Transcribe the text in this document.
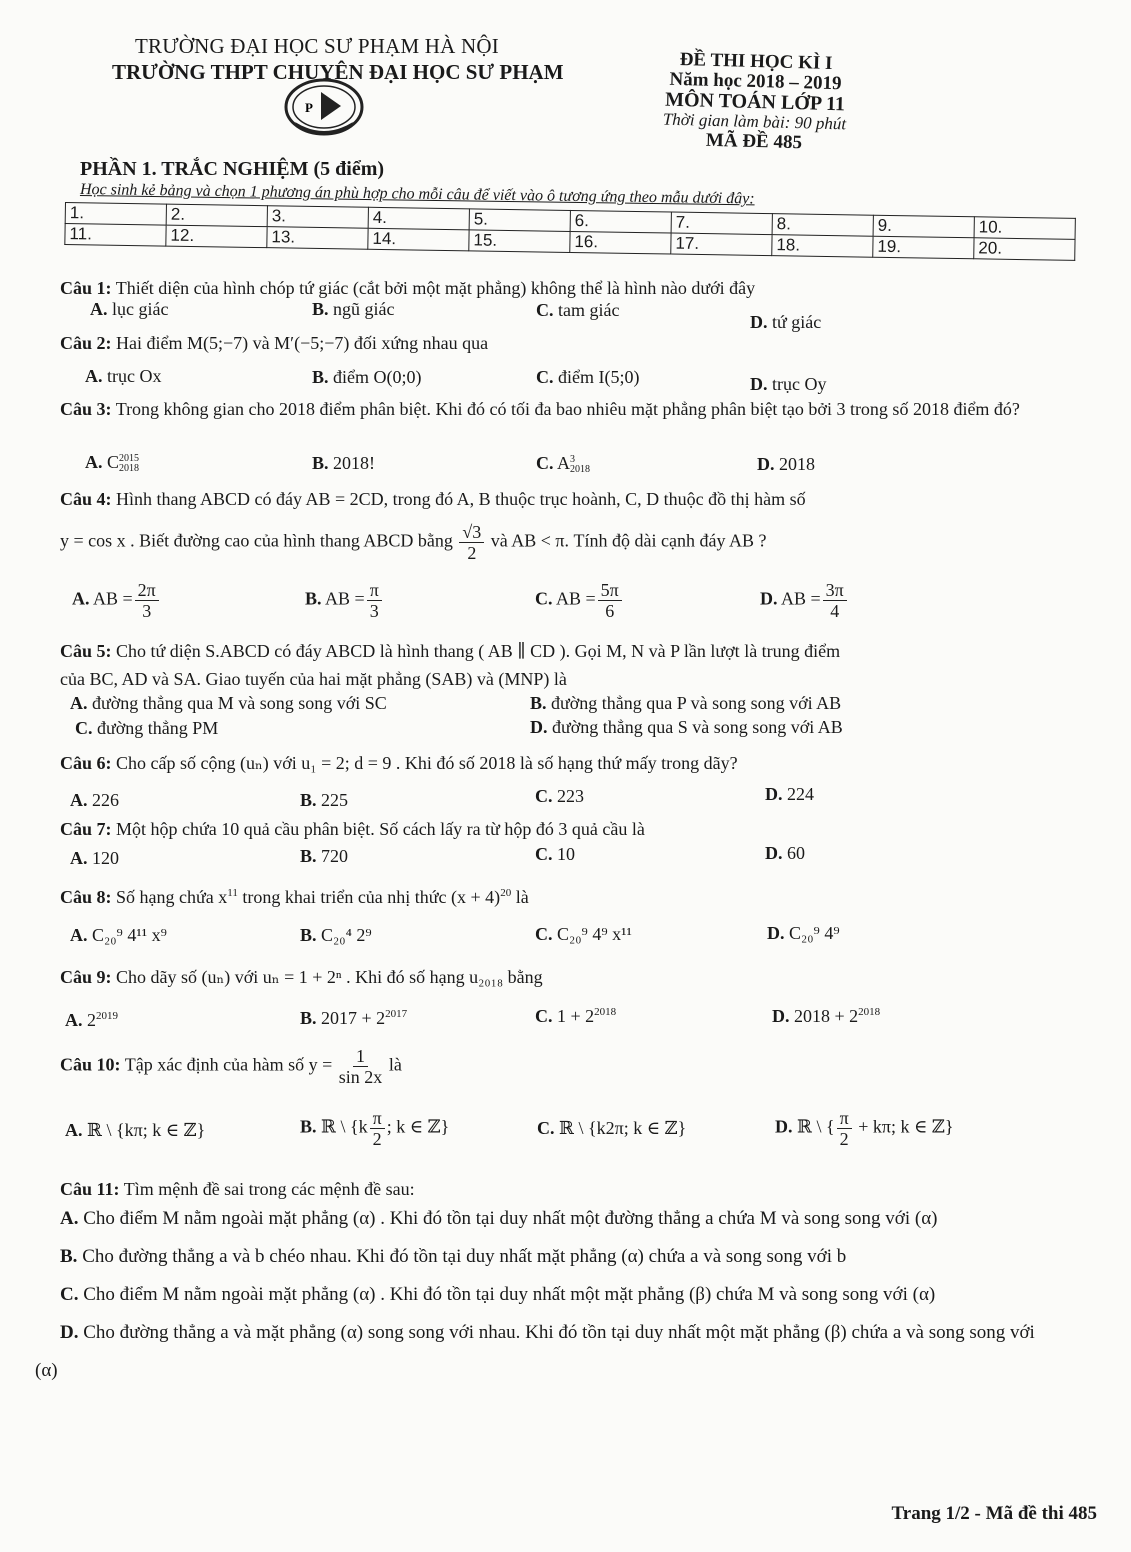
TRƯỜNG ĐẠI HỌC SƯ PHẠM HÀ NỘI
TRƯỜNG THPT CHUYÊN ĐẠI HỌC SƯ PHẠM
P
ĐỀ THI HỌC KÌ I
Năm học 2018 – 2019
MÔN TOÁN LỚP 11
Thời gian làm bài: 90 phút
MÃ ĐỀ 485
PHẦN 1. TRẮC NGHIỆM (5 điểm)
Học sinh kẻ bảng và chọn 1 phương án phù hợp cho mỗi câu để viết vào ô tương ứng theo mẫu dưới đây:
1.	2.	3.	4.	5.	6.	7.	8.	9.	10.
11.	12.	13.	14.	15.	16.	17.	18.	19.	20.
Câu 1: Thiết diện của hình chóp tứ giác (cắt bởi một mặt phẳng) không thể là hình nào dưới đây
A. lục giác	B. ngũ giác	C. tam giác
D. tứ giác
Câu 2: Hai điểm M(5;−7) và M′(−5;−7) đối xứng nhau qua
A. trục Ox	B. điểm O(0;0)	C. điểm I(5;0)	D. trục Oy
Câu 3: Trong không gian cho 2018 điểm phân biệt. Khi đó có tối đa bao nhiêu mặt phẳng phân biệt tạo bởi 3 trong số 2018 điểm đó?
A. C 2015
2018	B. 2018!	C. A 3
2018	D. 2018
Câu 4: Hình thang ABCD có đáy AB = 2CD, trong đó A, B thuộc trục hoành, C, D thuộc đồ thị hàm số
y = cos x . Biết đường cao của hình thang ABCD bằng $\frac{√3}{2}$ và AB < π. Tính độ dài cạnh đáy AB ?
A. AB = $\frac{2\pi}{3}$	B. AB = $\frac{\pi}{3}$	C. AB = $\frac{5\pi}{6}$	D. AB = $\frac{3\pi}{4}$
Câu 5: Cho tứ diện S.ABCD có đáy ABCD là hình thang ( AB ∥ CD ). Gọi M, N và P lần lượt là trung điểm
của BC, AD và SA. Giao tuyến của hai mặt phẳng (SAB) và (MNP) là
A. đường thẳng qua M và song song với SC	B. đường thẳng qua P và song song với AB
C. đường thẳng PM	D. đường thẳng qua S và song song với AB
Câu 6: Cho cấp số cộng (uₙ) với u₁ = 2; d = 9 . Khi đó số 2018 là số hạng thứ mấy trong dãy?
A. 226	B. 225	C. 223	D. 224
Câu 7: Một hộp chứa 10 quả cầu phân biệt. Số cách lấy ra từ hộp đó 3 quả cầu là
A. 120	B. 720	C. 10	D. 60
Câu 8: Số hạng chứa $x^{11}$ trong khai triển của nhị thức $(x + 4)^{20}$ là
A. C₂₀⁹ 4¹¹ x⁹	B. C₂₀⁴ 2⁹	C. C₂₀⁹ 4⁹ x¹¹	D. C₂₀⁹ 4⁹
Câu 9: Cho dãy số (uₙ) với uₙ = 1 + 2ⁿ . Khi đó số hạng u₂₀₁₈ bằng
A. $2^{2019}$	B. $2017 + 2^{2017}$	C. $1 + 2^{2018}$	D. $2018 + 2^{2018}$
Câu 10: Tập xác định của hàm số $y = \frac{1}{\sin 2x}$ là
A. ℝ \ {kπ; k ∈ ℤ}	B. ℝ \ {$k \frac{\pi}{2}$ ; k ∈ ℤ}	C. ℝ \ {k2π; k ∈ ℤ}	D. ℝ \ { $\frac{\pi}{2} + k\pi$; k ∈ ℤ}
Câu 11: Tìm mệnh đề sai trong các mệnh đề sau:
A. Cho điểm M nằm ngoài mặt phẳng (α) . Khi đó tồn tại duy nhất một đường thẳng a chứa M và song song với (α)
B. Cho đường thẳng a và b chéo nhau. Khi đó tồn tại duy nhất mặt phẳng (α) chứa a và song song với b
C. Cho điểm M nằm ngoài mặt phẳng (α) . Khi đó tồn tại duy nhất một mặt phẳng (β) chứa M và song song với (α)
D. Cho đường thẳng a và mặt phẳng (α) song song với nhau. Khi đó tồn tại duy nhất một mặt phẳng (β) chứa a và song song với (α)
Trang 1/2 - Mã đề thi 485
